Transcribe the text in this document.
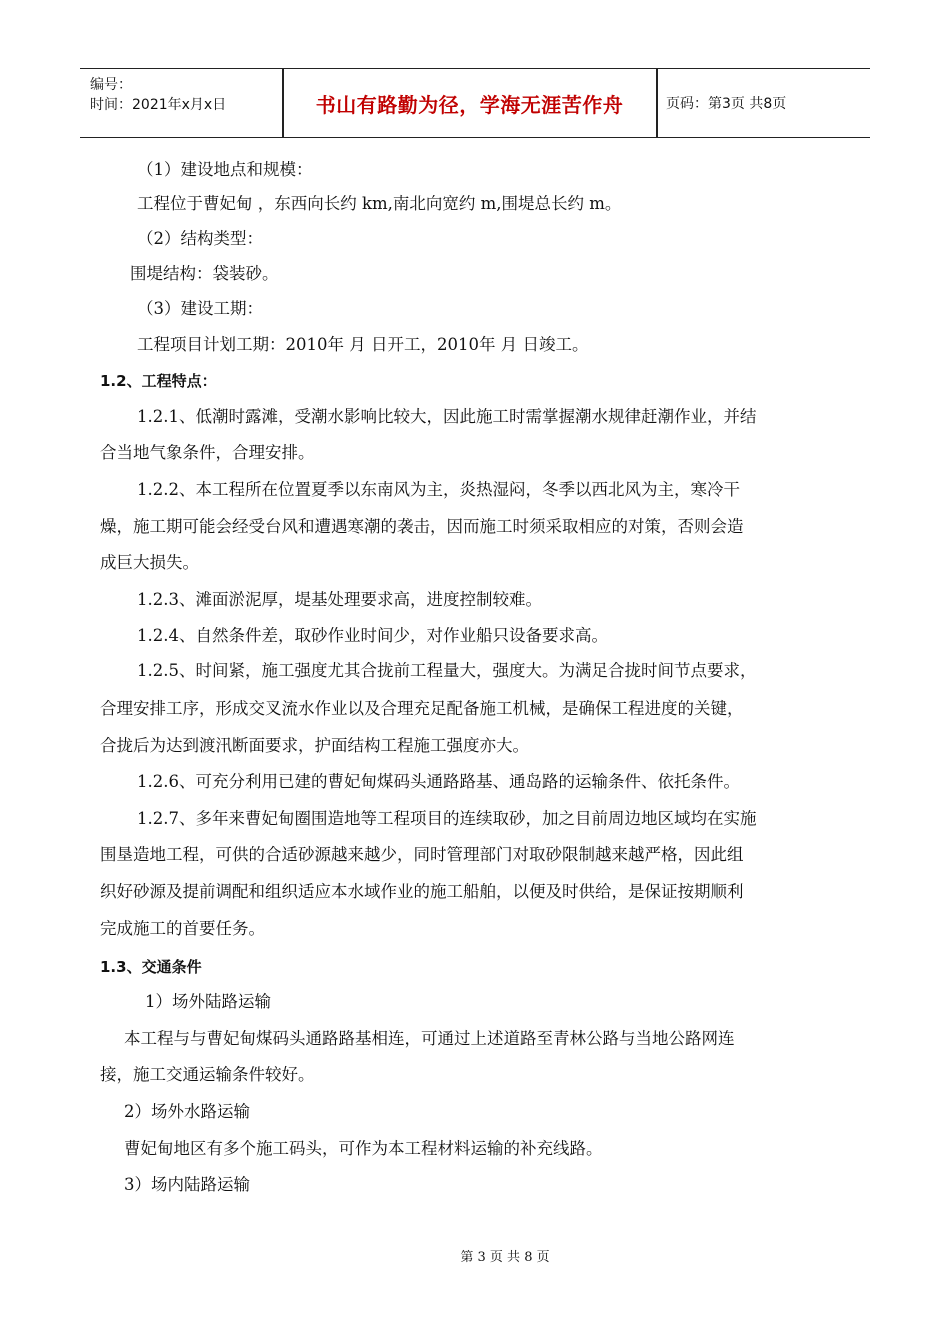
编号：
时间：2021年x月x日	书山有路勤为径，学海无涯苦作舟	页码：第3页 共8页
（1）建设地点和规模：
工程位于曹妃甸 ，东西向长约 km,南北向宽约 m,围堤总长约 m。
（2）结构类型：
围堤结构：袋装砂。
（3）建设工期：
工程项目计划工期：2010年 月 日开工，2010年 月 日竣工。
1.2、工程特点：
1.2.1、低潮时露滩，受潮水影响比较大，因此施工时需掌握潮水规律赶潮作业，并结
合当地气象条件，合理安排。
1.2.2、本工程所在位置夏季以东南风为主，炎热湿闷，冬季以西北风为主，寒冷干
燥，施工期可能会经受台风和遭遇寒潮的袭击，因而施工时须采取相应的对策，否则会造
成巨大损失。
1.2.3、滩面淤泥厚，堤基处理要求高，进度控制较难。
1.2.4、自然条件差，取砂作业时间少，对作业船只设备要求高。
1.2.5、时间紧，施工强度尤其合拢前工程量大，强度大。为满足合拢时间节点要求，
合理安排工序，形成交叉流水作业以及合理充足配备施工机械，是确保工程进度的关键，
合拢后为达到渡汛断面要求，护面结构工程施工强度亦大。
1.2.6、可充分利用已建的曹妃甸煤码头通路路基、通岛路的运输条件、依托条件。
1.2.7、多年来曹妃甸圈围造地等工程项目的连续取砂，加之目前周边地区域均在实施
围垦造地工程，可供的合适砂源越来越少，同时管理部门对取砂限制越来越严格，因此组
织好砂源及提前调配和组织适应本水域作业的施工船舶，以便及时供给，是保证按期顺利
完成施工的首要任务。
1.3、交通条件
1）场外陆路运输
本工程与与曹妃甸煤码头通路路基相连，可通过上述道路至青林公路与当地公路网连
接，施工交通运输条件较好。
2）场外水路运输
曹妃甸地区有多个施工码头，可作为本工程材料运输的补充线路。
3）场内陆路运输
第 3 页 共 8 页
